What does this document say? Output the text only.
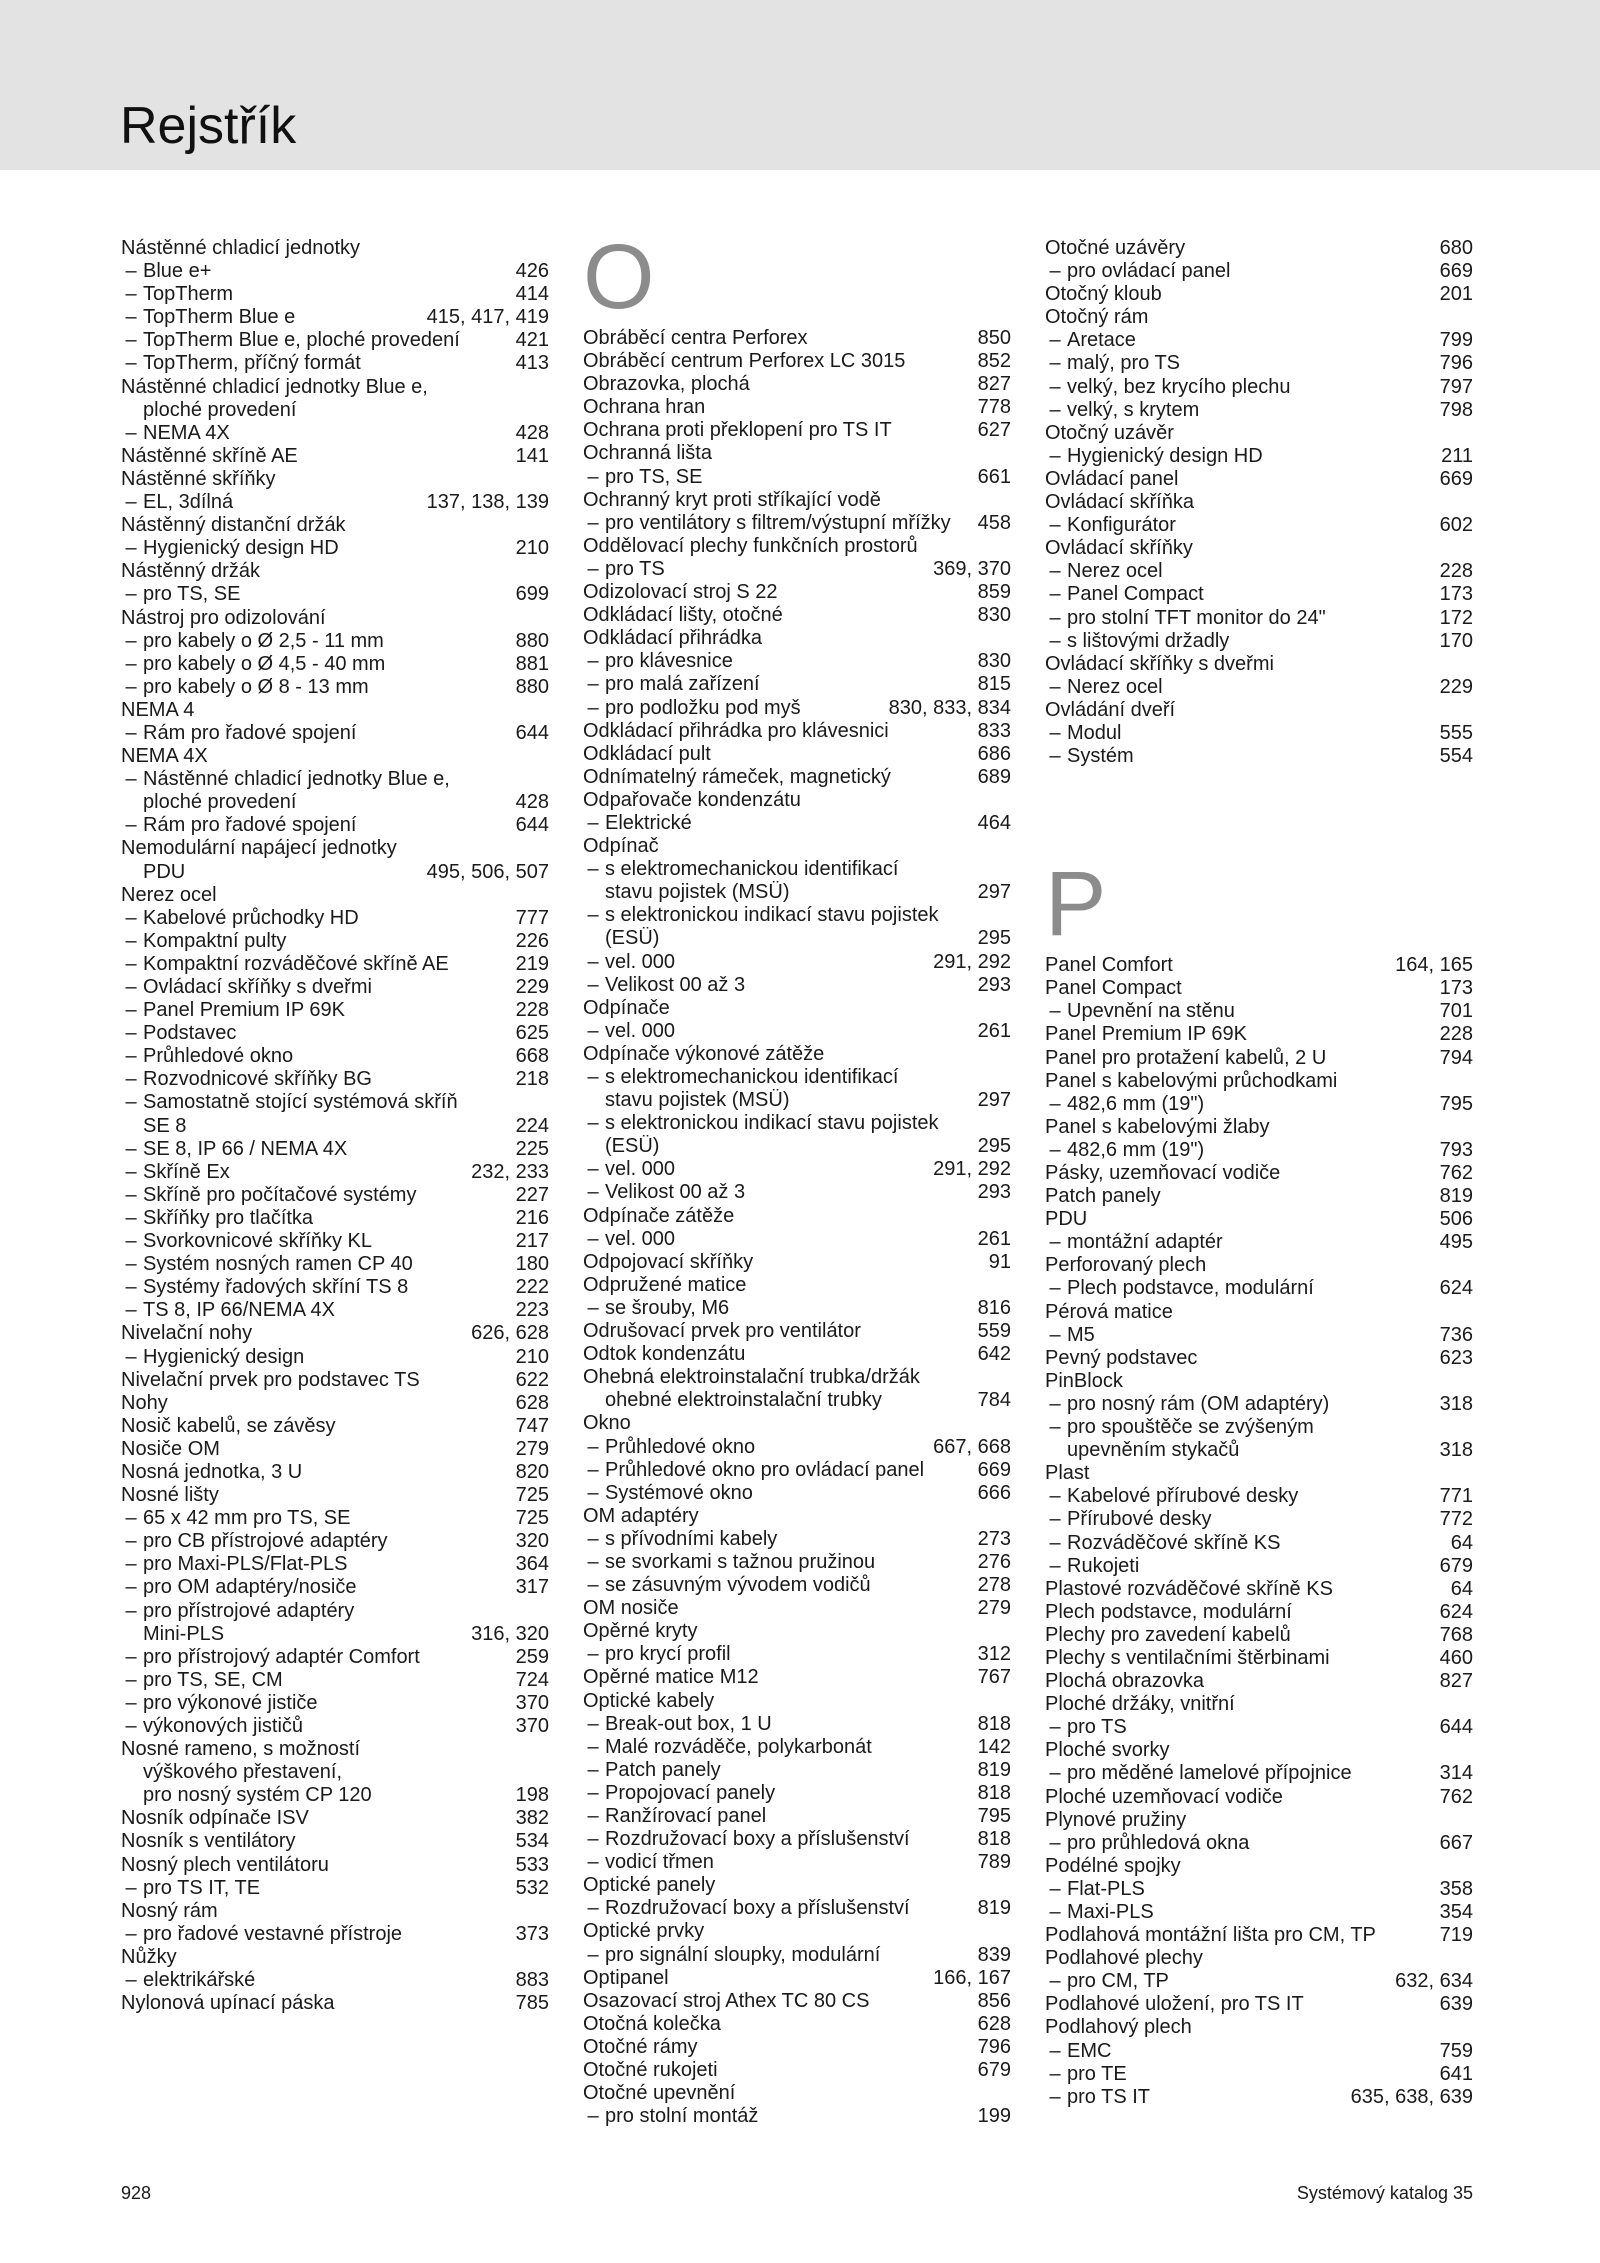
Rejstřík
Nástěnné chladicí jednotky
– Blue e+	426
– TopTherm	414
– TopTherm Blue e	415, 417, 419
– TopTherm Blue e, ploché provedení	421
– TopTherm, příčný formát	413
Nástěnné chladicí jednotky Blue e,
ploché provedení
– NEMA 4X	428
Nástěnné skříně AE	141
Nástěnné skříňky
– EL, 3dílná	137, 138, 139
Nástěnný distanční držák
– Hygienický design HD	210
Nástěnný držák
– pro TS, SE	699
Nástroj pro odizolování
– pro kabely o Ø 2,5 - 11 mm	880
– pro kabely o Ø 4,5 - 40 mm	881
– pro kabely o Ø 8 - 13 mm	880
NEMA 4
– Rám pro řadové spojení	644
NEMA 4X
– Nástěnné chladicí jednotky Blue e,
ploché provedení	428
– Rám pro řadové spojení	644
Nemodulární napájecí jednotky
PDU	495, 506, 507
Nerez ocel
– Kabelové průchodky HD	777
– Kompaktní pulty	226
– Kompaktní rozváděčové skříně AE	219
– Ovládací skříňky s dveřmi	229
– Panel Premium IP 69K	228
– Podstavec	625
– Průhledové okno	668
– Rozvodnicové skříňky BG	218
– Samostatně stojící systémová skříň
SE 8	224
– SE 8, IP 66 / NEMA 4X	225
– Skříně Ex	232, 233
– Skříně pro počítačové systémy	227
– Skříňky pro tlačítka	216
– Svorkovnicové skříňky KL	217
– Systém nosných ramen CP 40	180
– Systémy řadových skříní TS 8	222
– TS 8, IP 66/NEMA 4X	223
Nivelační nohy	626, 628
– Hygienický design	210
Nivelační prvek pro podstavec TS	622
Nohy	628
Nosič kabelů, se závěsy	747
Nosiče OM	279
Nosná jednotka, 3 U	820
Nosné lišty	725
– 65 x 42 mm pro TS, SE	725
– pro CB přístrojové adaptéry	320
– pro Maxi-PLS/Flat-PLS	364
– pro OM adaptéry/nosiče	317
– pro přístrojové adaptéry
Mini-PLS	316, 320
– pro přístrojový adaptér Comfort	259
– pro TS, SE, CM	724
– pro výkonové jističe	370
– výkonových jističů	370
Nosné rameno, s možností
výškového přestavení,
pro nosný systém CP 120	198
Nosník odpínače ISV	382
Nosník s ventilátory	534
Nosný plech ventilátoru	533
– pro TS IT, TE	532
Nosný rám
– pro řadové vestavné přístroje	373
Nůžky
– elektrikářské	883
Nylonová upínací páska	785
O
Obráběcí centra Perforex	850
Obráběcí centrum Perforex LC 3015	852
Obrazovka, plochá	827
Ochrana hran	778
Ochrana proti překlopení pro TS IT	627
Ochranná lišta
– pro TS, SE	661
Ochranný kryt proti stříkající vodě
– pro ventilátory s filtrem/výstupní mřížky	458
Oddělovací plechy funkčních prostorů
– pro TS	369, 370
Odizolovací stroj S 22	859
Odkládací lišty, otočné	830
Odkládací přihrádka
– pro klávesnice	830
– pro malá zařízení	815
– pro podložku pod myš	830, 833, 834
Odkládací přihrádka pro klávesnici	833
Odkládací pult	686
Odnímatelný rámeček, magnetický	689
Odpařovače kondenzátu
– Elektrické	464
Odpínač
– s elektromechanickou identifikací
stavu pojistek (MSÜ)	297
– s elektronickou indikací stavu pojistek
(ESÜ)	295
– vel. 000	291, 292
– Velikost 00 až 3	293
Odpínače
– vel. 000	261
Odpínače výkonové zátěže
– s elektromechanickou identifikací
stavu pojistek (MSÜ)	297
– s elektronickou indikací stavu pojistek
(ESÜ)	295
– vel. 000	291, 292
– Velikost 00 až 3	293
Odpínače zátěže
– vel. 000	261
Odpojovací skříňky	91
Odpružené matice
– se šrouby, M6	816
Odrušovací prvek pro ventilátor	559
Odtok kondenzátu	642
Ohebná elektroinstalační trubka/držák
ohebné elektroinstalační trubky	784
Okno
– Průhledové okno	667, 668
– Průhledové okno pro ovládací panel	669
– Systémové okno	666
OM adaptéry
– s přívodními kabely	273
– se svorkami s tažnou pružinou	276
– se zásuvným vývodem vodičů	278
OM nosiče	279
Opěrné kryty
– pro krycí profil	312
Opěrné matice M12	767
Optické kabely
– Break-out box, 1 U	818
– Malé rozváděče, polykarbonát	142
– Patch panely	819
– Propojovací panely	818
– Ranžírovací panel	795
– Rozdružovací boxy a příslušenství	818
– vodicí třmen	789
Optické panely
– Rozdružovací boxy a příslušenství	819
Optické prvky
– pro signální sloupky, modulární	839
Optipanel	166, 167
Osazovací stroj Athex TC 80 CS	856
Otočná kolečka	628
Otočné rámy	796
Otočné rukojeti	679
Otočné upevnění
– pro stolní montáž	199
Otočné uzávěry	680
– pro ovládací panel	669
Otočný kloub	201
Otočný rám
– Aretace	799
– malý, pro TS	796
– velký, bez krycího plechu	797
– velký, s krytem	798
Otočný uzávěr
– Hygienický design HD	211
Ovládací panel	669
Ovládací skříňka
– Konfigurátor	602
Ovládací skříňky
– Nerez ocel	228
– Panel Compact	173
– pro stolní TFT monitor do 24"	172
– s lištovými držadly	170
Ovládací skříňky s dveřmi
– Nerez ocel	229
Ovládání dveří
– Modul	555
– Systém	554
P
Panel Comfort	164, 165
Panel Compact	173
– Upevnění na stěnu	701
Panel Premium IP 69K	228
Panel pro protažení kabelů, 2 U	794
Panel s kabelovými průchodkami
– 482,6 mm (19")	795
Panel s kabelovými žlaby
– 482,6 mm (19")	793
Pásky, uzemňovací vodiče	762
Patch panely	819
PDU	506
– montážní adaptér	495
Perforovaný plech
– Plech podstavce, modulární	624
Pérová matice
– M5	736
Pevný podstavec	623
PinBlock
– pro nosný rám (OM adaptéry)	318
– pro spouštěče se zvýšeným
upevněním stykačů	318
Plast
– Kabelové přírubové desky	771
– Přírubové desky	772
– Rozváděčové skříně KS	64
– Rukojeti	679
Plastové rozváděčové skříně KS	64
Plech podstavce, modulární	624
Plechy pro zavedení kabelů	768
Plechy s ventilačními štěrbinami	460
Plochá obrazovka	827
Ploché držáky, vnitřní
– pro TS	644
Ploché svorky
– pro měděné lamelové přípojnice	314
Ploché uzemňovací vodiče	762
Plynové pružiny
– pro průhledová okna	667
Podélné spojky
– Flat-PLS	358
– Maxi-PLS	354
Podlahová montážní lišta pro CM, TP	719
Podlahové plechy
– pro CM, TP	632, 634
Podlahové uložení, pro TS IT	639
Podlahový plech
– EMC	759
– pro TE	641
– pro TS IT	635, 638, 639
928	Systémový katalog 35
